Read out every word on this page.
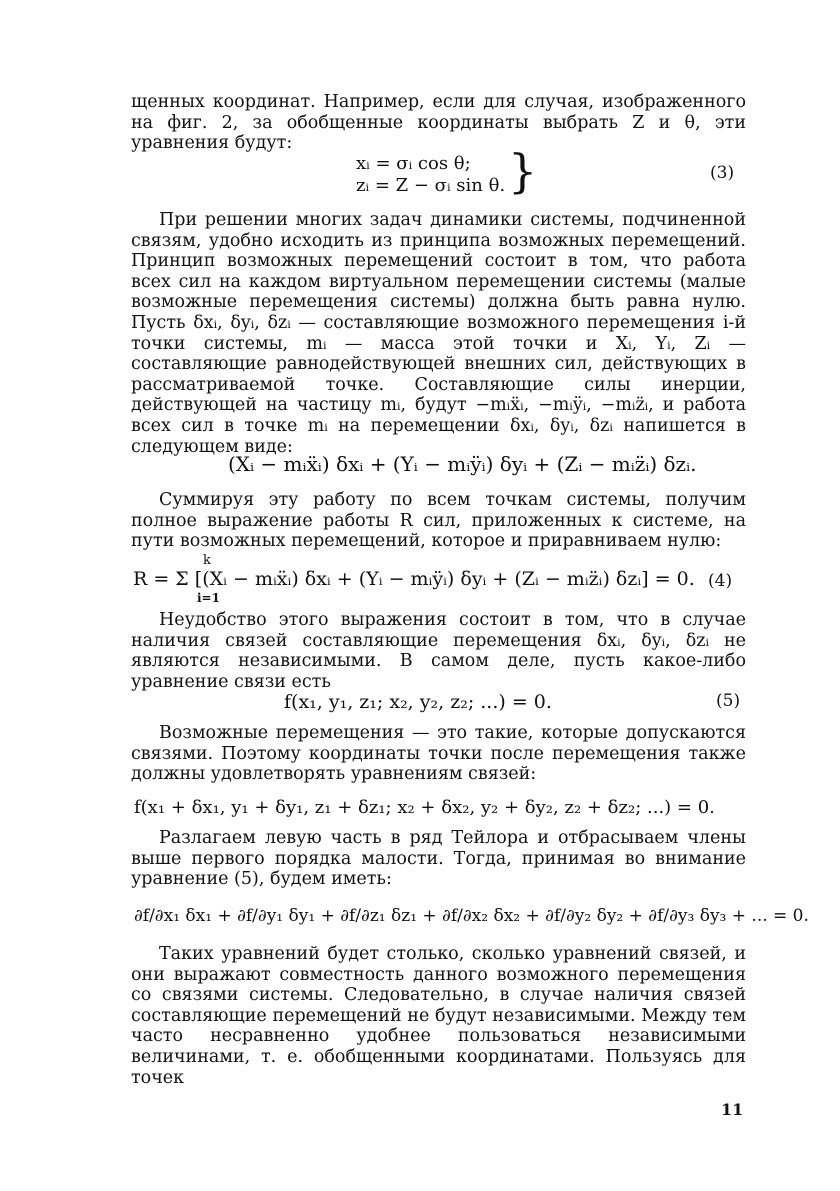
щенных координат. Например, если для случая, изображенного на фиг. 2, за обобщенные координаты выбрать Z и θ, эти уравнения будут:
xᵢ = σᵢ cos θ;
zᵢ = Z − σᵢ sin θ. }	(3)
При решении многих задач динамики системы, подчиненной связям, удобно исходить из принципа возможных перемещений. Принцип возможных перемещений состоит в том, что работа всех сил на каждом виртуальном перемещении системы (малые возможные перемещения системы) должна быть равна нулю. Пусть δxᵢ, δyᵢ, δzᵢ — составляющие возможного перемещения i-й точки системы, mᵢ — масса этой точки и Xᵢ, Yᵢ, Zᵢ — составляющие равнодействующей внешних сил, действующих в рассматриваемой точке. Составляющие силы инерции, действующей на частицу mᵢ, будут −mᵢẍᵢ, −mᵢÿᵢ, −mᵢz̈ᵢ, и работа всех сил в точке mᵢ на перемещении δxᵢ, δyᵢ, δzᵢ напишется в следующем виде:
(Xᵢ − mᵢẍᵢ) δxᵢ + (Yᵢ − mᵢÿᵢ) δyᵢ + (Zᵢ − mᵢz̈ᵢ) δzᵢ.
Суммируя эту работу по всем точкам системы, получим полное выражение работы R сил, приложенных к системе, на пути возможных перемещений, которое и приравниваем нулю:
k
R = Σ [(Xᵢ − mᵢẍᵢ) δxᵢ + (Yᵢ − mᵢÿᵢ) δyᵢ + (Zᵢ − mᵢz̈ᵢ) δzᵢ] = 0.
i=1
(4)
Неудобство этого выражения состоит в том, что в случае наличия связей составляющие перемещения δxᵢ, δyᵢ, δzᵢ не являются независимыми. В самом деле, пусть какое-либо уравнение связи есть
f(x₁, y₁, z₁; x₂, y₂, z₂; ...) = 0.	(5)
Возможные перемещения — это такие, которые допускаются связями. Поэтому координаты точки после перемещения также должны удовлетворять уравнениям связей:
f(x₁ + δx₁, y₁ + δy₁, z₁ + δz₁; x₂ + δx₂, y₂ + δy₂, z₂ + δz₂; ...) = 0.
Разлагаем левую часть в ряд Тейлора и отбрасываем члены выше первого порядка малости. Тогда, принимая во внимание уравнение (5), будем иметь:
∂f/∂x₁ δx₁ + ∂f/∂y₁ δy₁ + ∂f/∂z₁ δz₁ + ∂f/∂x₂ δx₂ + ∂f/∂y₂ δy₂ + ∂f/∂y₃ δy₃ + ... = 0.
Таких уравнений будет столько, сколько уравнений связей, и они выражают совместность данного возможного перемещения со связями системы. Следовательно, в случае наличия связей составляющие перемещений не будут независимыми. Между тем часто несравненно удобнее пользоваться независимыми величинами, т. е. обобщенными координатами. Пользуясь для точек
11
